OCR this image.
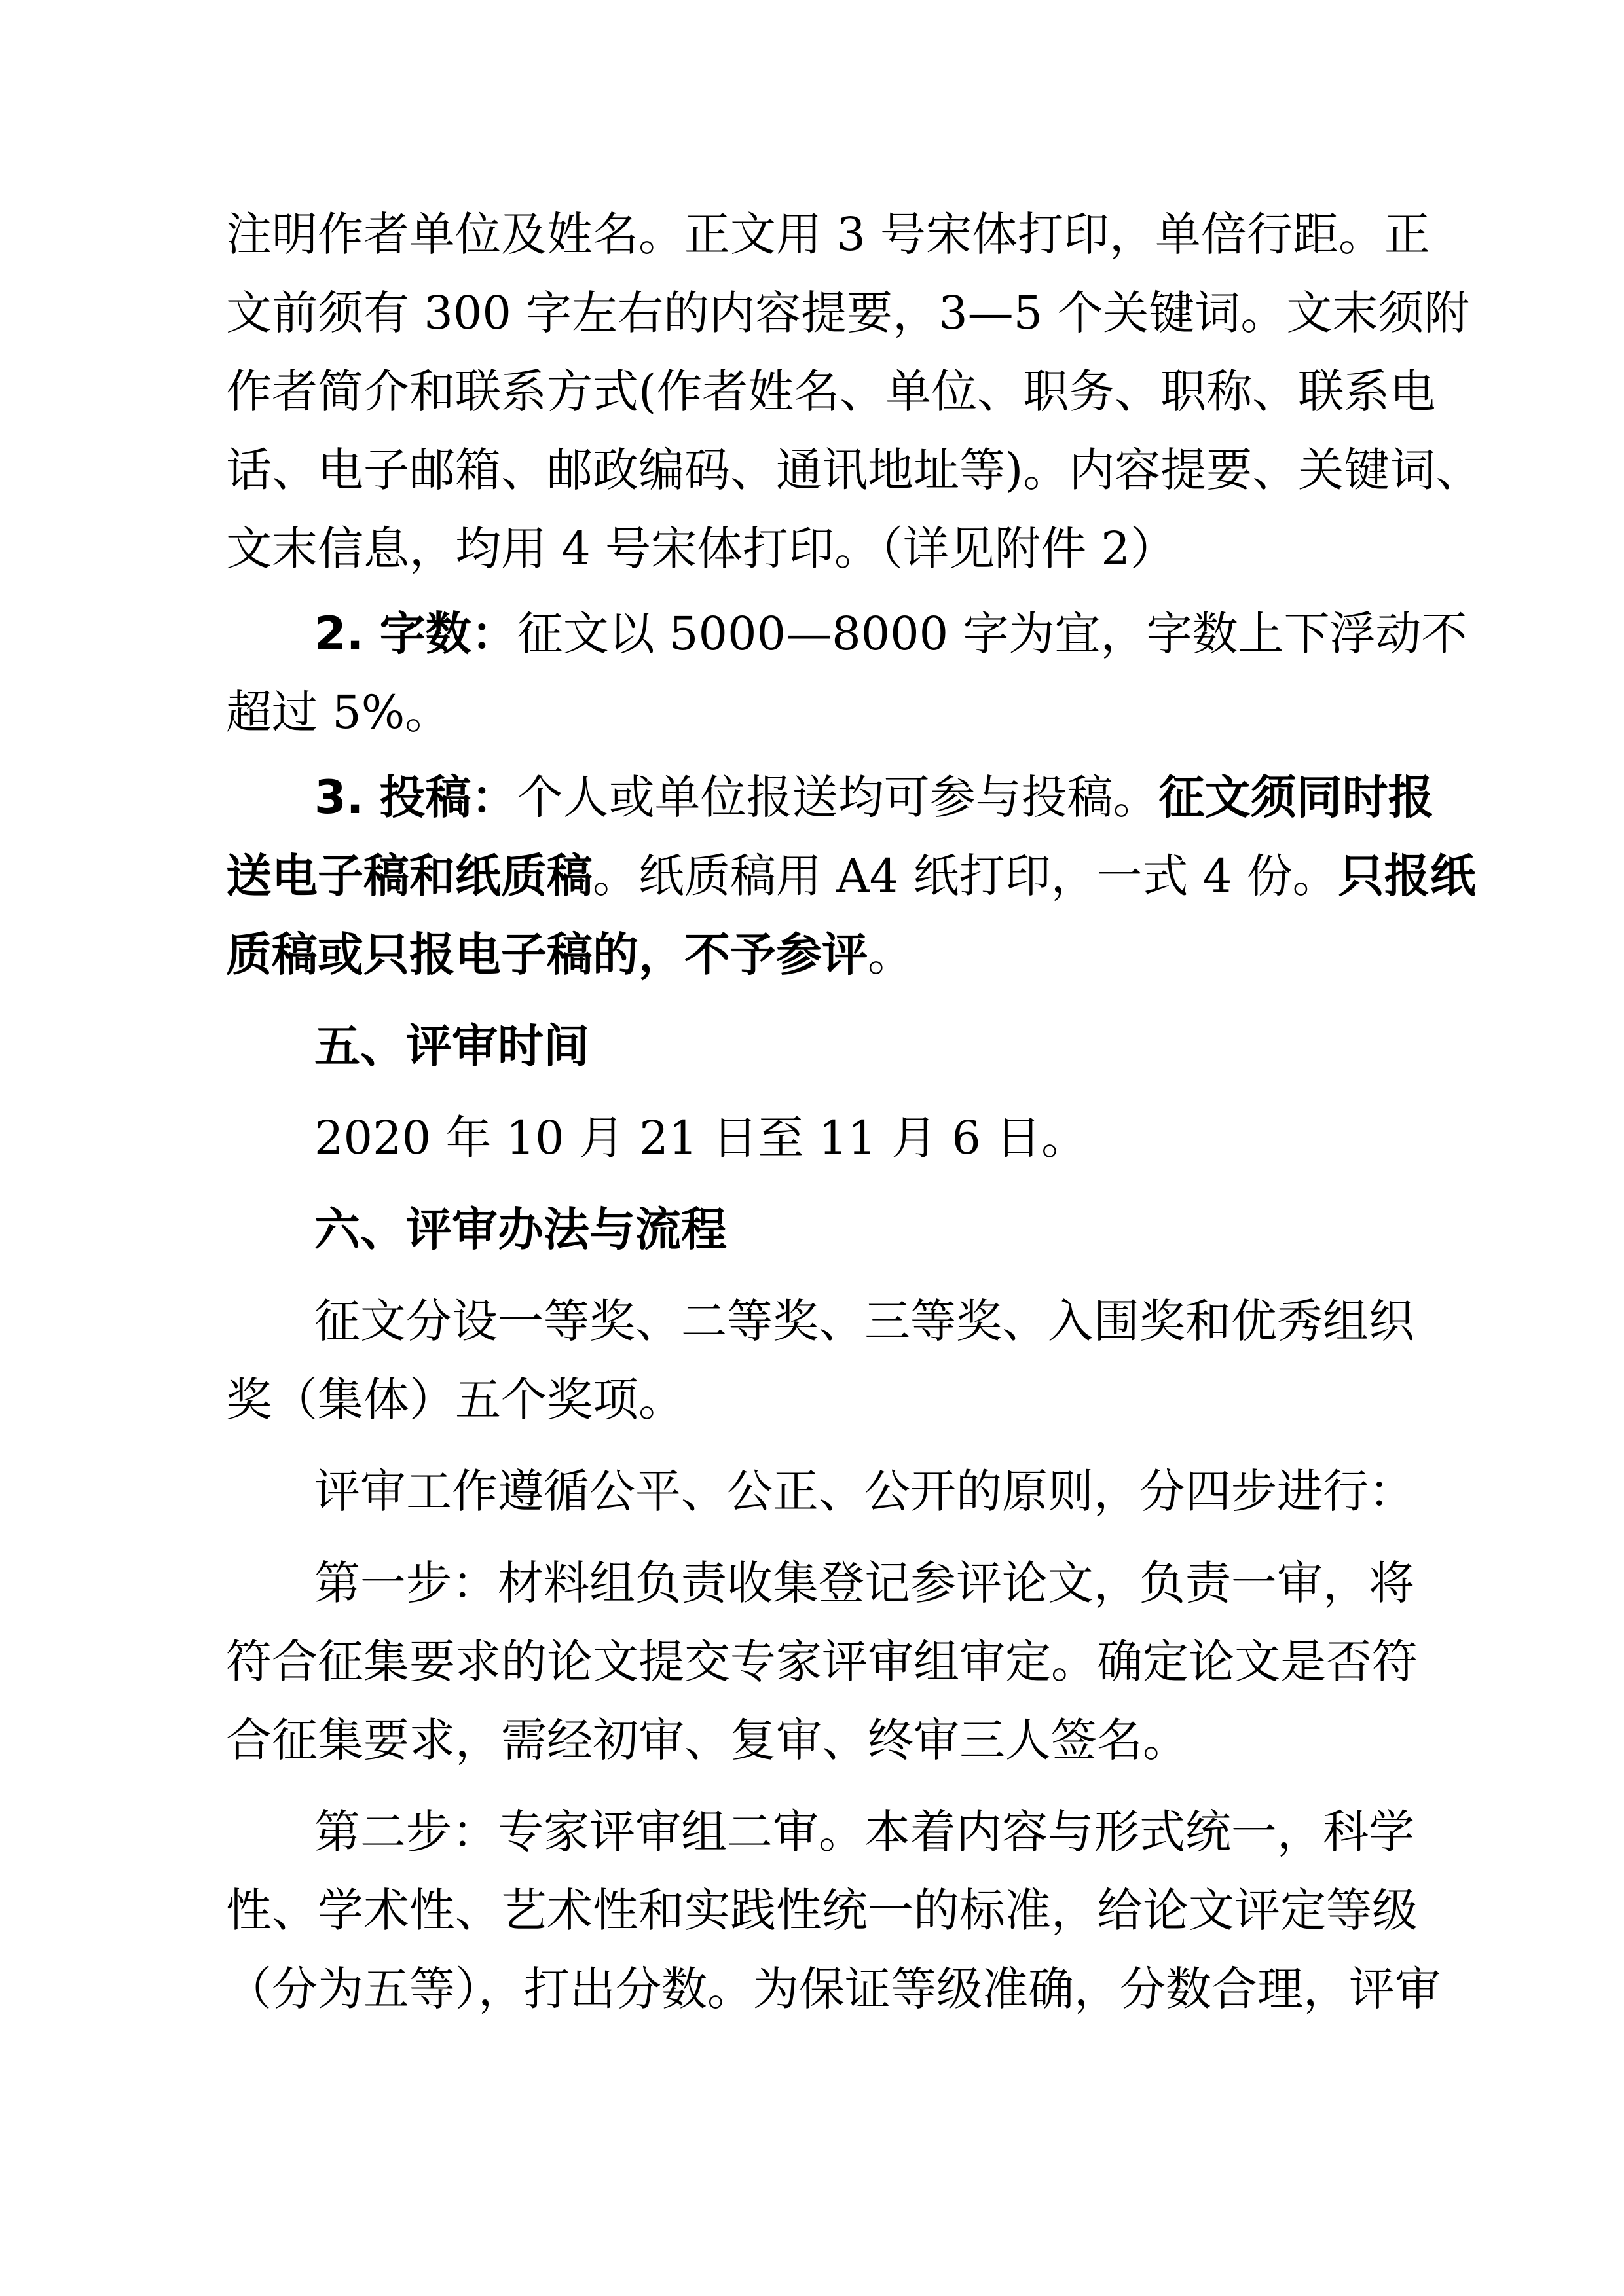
注明作者单位及姓名。正文用 3 号宋体打印，单倍行距。正
文前须有 300 字左右的内容提要，3—5 个关键词。文末须附
作者简介和联系方式(作者姓名、单位、职务、职称、联系电
话、电子邮箱、邮政编码、通讯地址等)。内容提要、关键词、
文末信息，均用 4 号宋体打印。（详见附件 2）
2. 字数：征文以 5000—8000 字为宜，字数上下浮动不
超过 5%。
3. 投稿：个人或单位报送均可参与投稿。征文须同时报
送电子稿和纸质稿。纸质稿用 A4 纸打印，一式 4 份。只报纸
质稿或只报电子稿的，不予参评。
五、评审时间
2020 年 10 月 21 日至 11 月 6 日。
六、评审办法与流程
征文分设一等奖、二等奖、三等奖、入围奖和优秀组织
奖（集体）五个奖项。
评审工作遵循公平、公正、公开的原则，分四步进行：
第一步：材料组负责收集登记参评论文，负责一审，将
符合征集要求的论文提交专家评审组审定。确定论文是否符
合征集要求，需经初审、复审、终审三人签名。
第二步：专家评审组二审。本着内容与形式统一，科学
性、学术性、艺术性和实践性统一的标准，给论文评定等级
（分为五等），打出分数。为保证等级准确，分数合理，评审
